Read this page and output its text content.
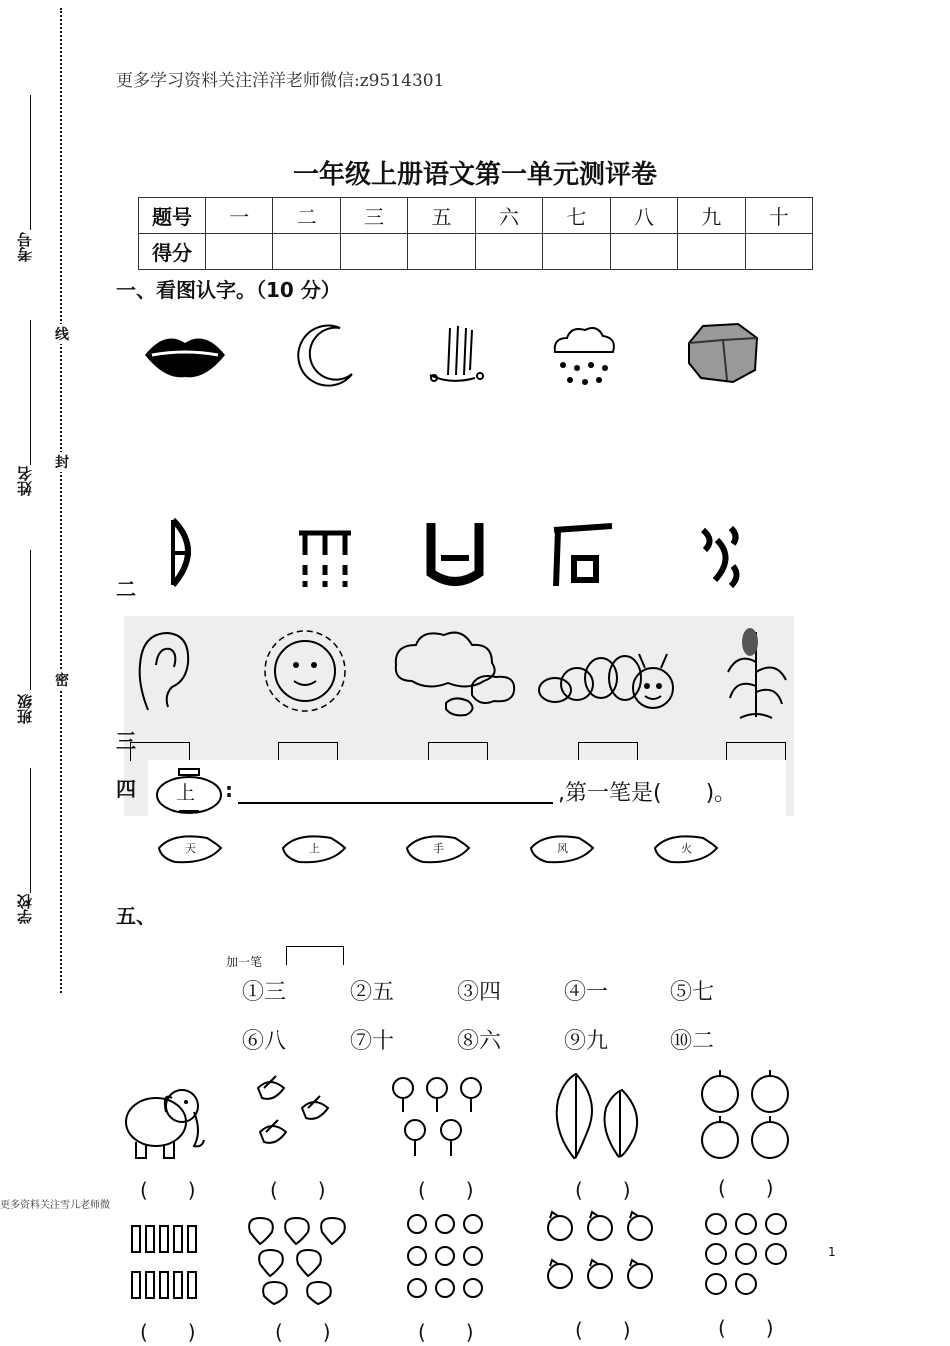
考号
姓名
班级
学校
线
封
密
更多学习资料关注洋洋老师微信:z9514301
一年级上册语文第一单元测评卷
题号	一	二	三	五	六	七	八	九	十
得分									
一、看图认字。（10 分）
二
三
四 上 :	,第一笔是(　　)。
天	上	手	风	火
五、
加一笔
①三	②五	③四	④一	⑤七
⑥八	⑦十	⑧六	⑨九	⑩二
(　　)	(　　)	(　　)	(　　)	(　　)
(　　)	(　　)	(　　)	(　　)	(　　)
更多资料关注雪儿老师微
1
